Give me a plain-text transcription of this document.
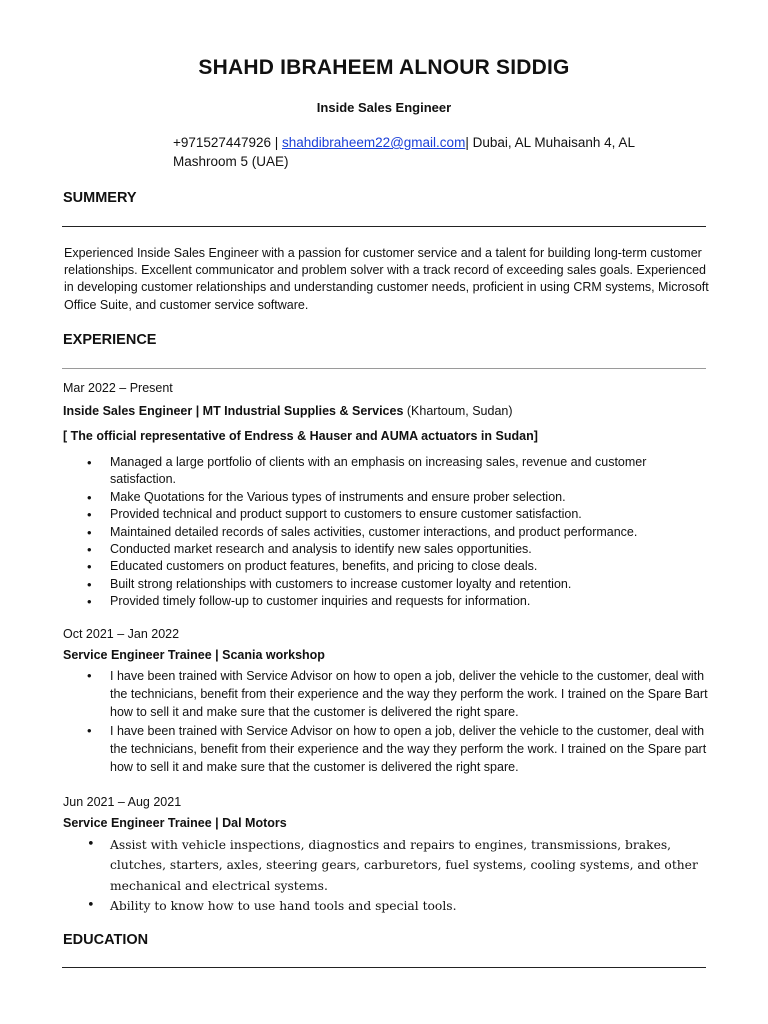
SHAHD IBRAHEEM ALNOUR SIDDIG
Inside Sales Engineer
+971527447926 | shahdibraheem22@gmail.com| Dubai, AL Muhaisanh 4, AL Mashroom 5 (UAE)
SUMMERY
Experienced Inside Sales Engineer with a passion for customer service and a talent for building long-term customer relationships. Excellent communicator and problem solver with a track record of exceeding sales goals. Experienced in developing customer relationships and understanding customer needs, proficient in using CRM systems, Microsoft Office Suite, and customer service software.
EXPERIENCE
Mar 2022 – Present
Inside Sales Engineer | MT Industrial Supplies & Services (Khartoum, Sudan)
[ The official representative of Endress & Hauser and AUMA actuators in Sudan]
• Managed a large portfolio of clients with an emphasis on increasing sales, revenue and customer satisfaction.
• Make Quotations for the Various types of instruments and ensure prober selection.
• Provided technical and product support to customers to ensure customer satisfaction.
• Maintained detailed records of sales activities, customer interactions, and product performance.
• Conducted market research and analysis to identify new sales opportunities.
• Educated customers on product features, benefits, and pricing to close deals.
• Built strong relationships with customers to increase customer loyalty and retention.
• Provided timely follow-up to customer inquiries and requests for information.
Oct 2021 – Jan 2022
Service Engineer Trainee | Scania workshop
• I have been trained with Service Advisor on how to open a job, deliver the vehicle to the customer, deal with the technicians, benefit from their experience and the way they perform the work. I trained on the Spare Bart how to sell it and make sure that the customer is delivered the right spare.
• I have been trained with Service Advisor on how to open a job, deliver the vehicle to the customer, deal with the technicians, benefit from their experience and the way they perform the work. I trained on the Spare part how to sell it and make sure that the customer is delivered the right spare.
Jun 2021 – Aug 2021
Service Engineer Trainee | Dal Motors
• Assist with vehicle inspections, diagnostics and repairs to engines, transmissions, brakes, clutches, starters, axles, steering gears, carburetors, fuel systems, cooling systems, and other mechanical and electrical systems.
• Ability to know how to use hand tools and special tools.
EDUCATION
